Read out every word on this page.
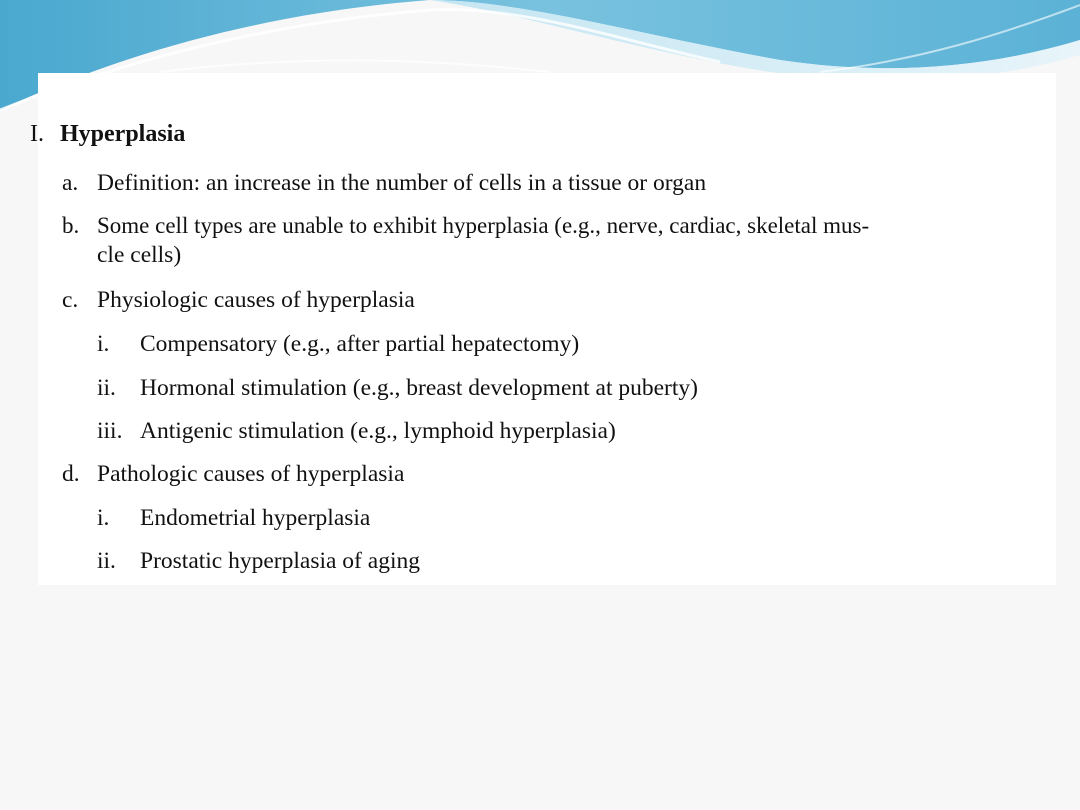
I. Hyperplasia
a. Definition: an increase in the number of cells in a tissue or organ
b. Some cell types are unable to exhibit hyperplasia (e.g., nerve, cardiac, skeletal mus-
cle cells)
c. Physiologic causes of hyperplasia
i. Compensatory (e.g., after partial hepatectomy)
ii. Hormonal stimulation (e.g., breast development at puberty)
iii. Antigenic stimulation (e.g., lymphoid hyperplasia)
d. Pathologic causes of hyperplasia
i. Endometrial hyperplasia
ii. Prostatic hyperplasia of aging
